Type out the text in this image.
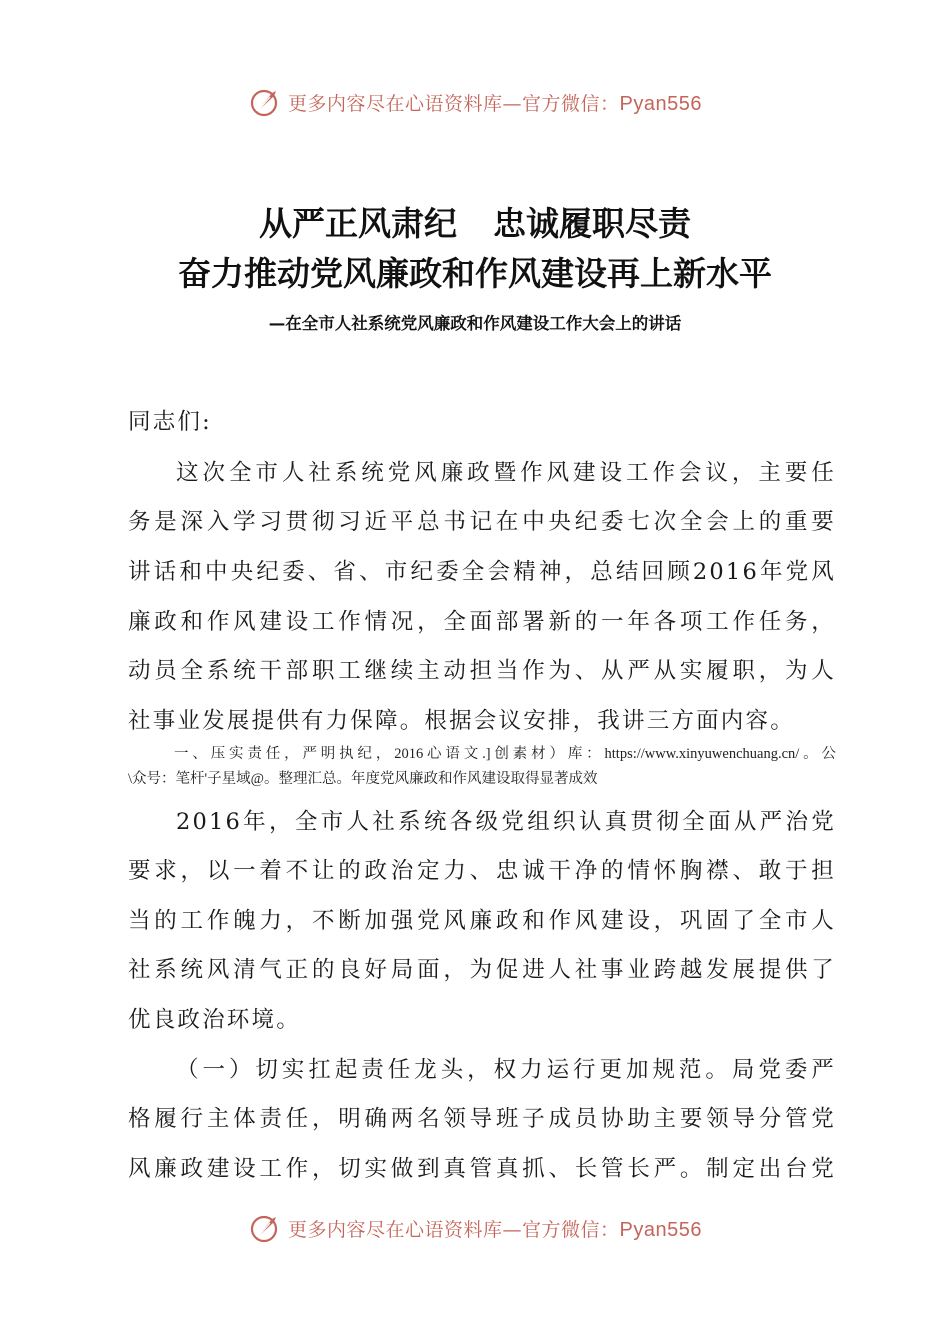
更多内容尽在心语资料库—官方微信：Pyan556
从严正风肃纪 忠诚履职尽责
奋力推动党风廉政和作风建设再上新水平
—在全市人社系统党风廉政和作风建设工作大会上的讲话
同志们:
这次全市人社系统党风廉政暨作风建设工作会议，主要任
务是深入学习贯彻习近平总书记在中央纪委七次全会上的重要
讲话和中央纪委、省、市纪委全会精神，总结回顾2016年党风
廉政和作风建设工作情况，全面部署新的一年各项工作任务，
动员全系统干部职工继续主动担当作为、从严从实履职，为人
社事业发展提供有力保障。根据会议安排，我讲三方面内容。
一、压实责任，严明执纪，2016心语文.]创素材）库：https://www.xinyuwenchuang.cn/。公
\众号：笔杆'子星域@。整理汇总。年度党风廉政和作风建设取得显著成效
2016年，全市人社系统各级党组织认真贯彻全面从严治党
要求，以一着不让的政治定力、忠诚干净的情怀胸襟、敢于担
当的工作魄力，不断加强党风廉政和作风建设，巩固了全市人
社系统风清气正的良好局面，为促进人社事业跨越发展提供了
优良政治环境。
（一）切实扛起责任龙头，权力运行更加规范。局党委严
格履行主体责任，明确两名领导班子成员协助主要领导分管党
风廉政建设工作，切实做到真管真抓、长管长严。制定出台党
更多内容尽在心语资料库—官方微信：Pyan556
